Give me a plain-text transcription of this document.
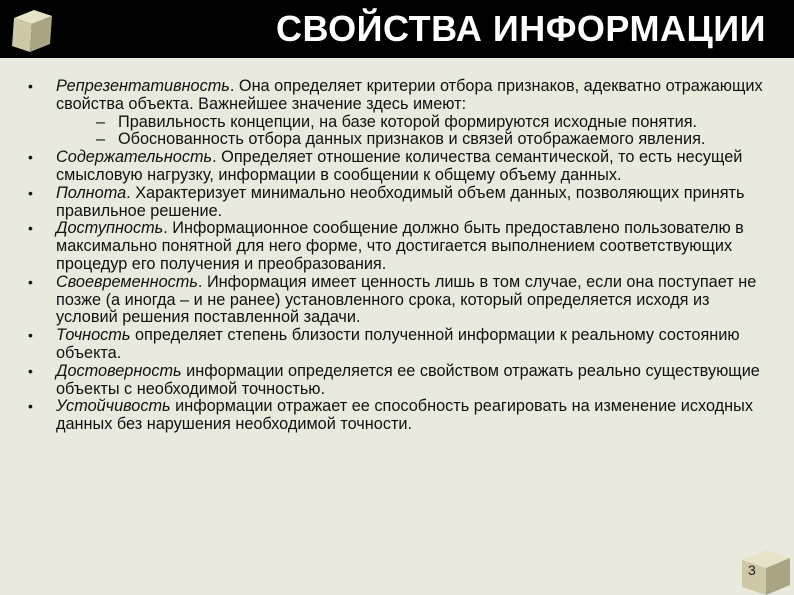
СВОЙСТВА ИНФОРМАЦИИ
• Репрезентативность. Она определяет критерии отбора признаков, адекватно отражающих свойства объекта. Важнейшее значение здесь имеют:
– Правильность концепции, на базе которой формируются исходные понятия.
– Обоснованность отбора данных признаков и связей отображаемого явления.
• Содержательность. Определяет отношение количества семантической, то есть несущей смысловую нагрузку, информации в сообщении к общему объему данных.
• Полнота. Характеризует минимально необходимый объем данных, позволяющих принять правильное решение.
• Доступность. Информационное сообщение должно быть предоставлено пользователю в максимально понятной для него форме, что достигается выполнением соответствующих процедур его получения и преобразования.
• Своевременность. Информация имеет ценность лишь в том случае, если она поступает не позже (а иногда – и не ранее) установленного срока, который определяется исходя из условий решения поставленной задачи.
• Точность определяет степень близости полученной информации к реальному состоянию объекта.
• Достоверность информации определяется ее свойством отражать реально существующие объекты с необходимой точностью.
• Устойчивость информации отражает ее способность реагировать на изменение исходных данных без нарушения необходимой точности.
3
